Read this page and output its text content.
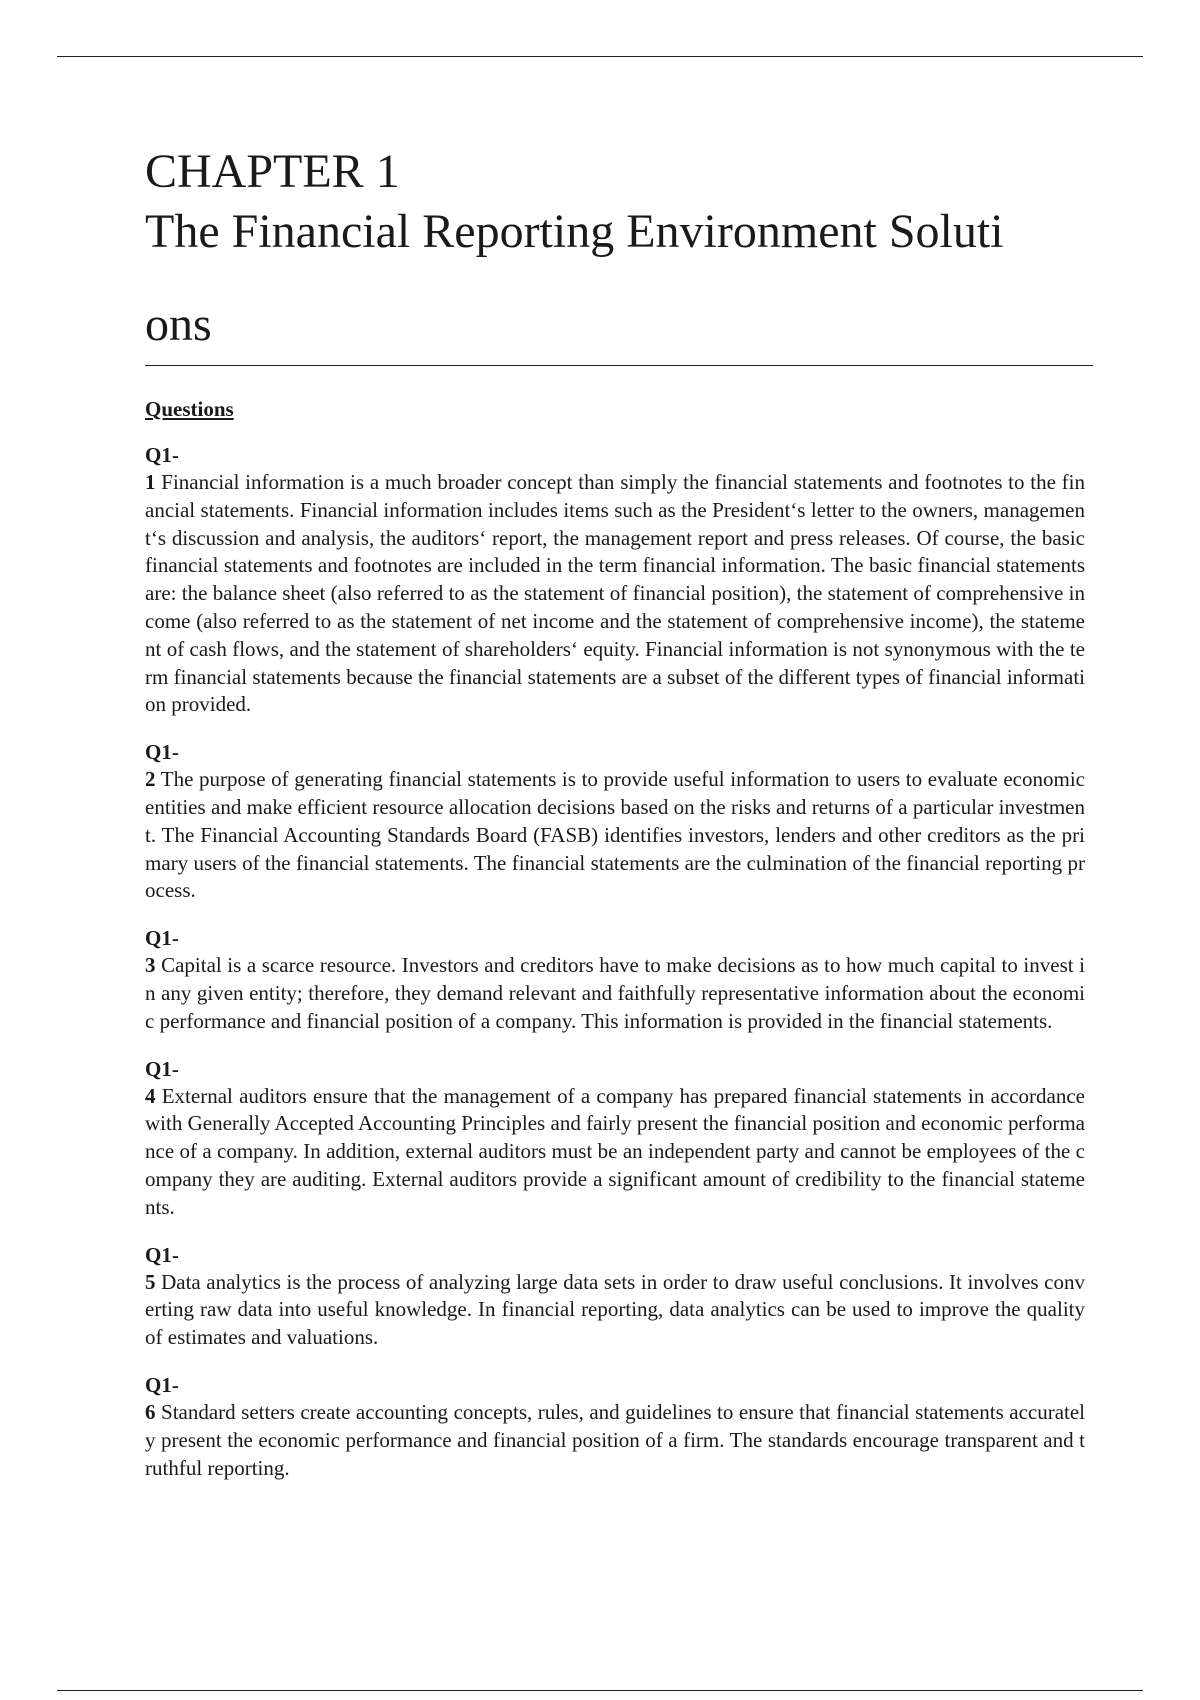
CHAPTER 1
The Financial Reporting Environment Soluti
ons
Questions
Q1-

1 Financial information is a much broader concept than simply the financial statements and footnotes to the financial statements. Financial information includes items such as the President‘s letter to the owners, management‘s discussion and analysis, the auditors‘ report, the management report and press releases. Of course, the basic financial statements and footnotes are included in the term financial information. The basic financial statements are: the balance sheet (also referred to as the statement of financial position), the statement of comprehensive income (also referred to as the statement of net income and the statement of comprehensive income), the statement of cash flows, and the statement of shareholders‘ equity. Financial information is not synonymous with the term financial statements because the financial statements are a subset of the different types of financial information provided.

Q1-

2 The purpose of generating financial statements is to provide useful information to users to evaluate economic entities and make efficient resource allocation decisions based on the risks and returns of a particular investment. The Financial Accounting Standards Board (FASB) identifies investors, lenders and other creditors as the primary users of the financial statements. The financial statements are the culmination of the financial reporting process.

Q1-

3 Capital is a scarce resource. Investors and creditors have to make decisions as to how much capital to invest in any given entity; therefore, they demand relevant and faithfully representative information about the economic performance and financial position of a company. This information is provided in the financial statements.

Q1-

4 External auditors ensure that the management of a company has prepared financial statements in accordance with Generally Accepted Accounting Principles and fairly present the financial position and economic performance of a company. In addition, external auditors must be an independent party and cannot be employees of the company they are auditing. External auditors provide a significant amount of credibility to the financial statements.

Q1-

5 Data analytics is the process of analyzing large data sets in order to draw useful conclusions. It involves converting raw data into useful knowledge. In financial reporting, data analytics can be used to improve the quality of estimates and valuations.

Q1-

6 Standard setters create accounting concepts, rules, and guidelines to ensure that financial statements accurately present the economic performance and financial position of a firm. The standards encourage transparent and truthful reporting.
